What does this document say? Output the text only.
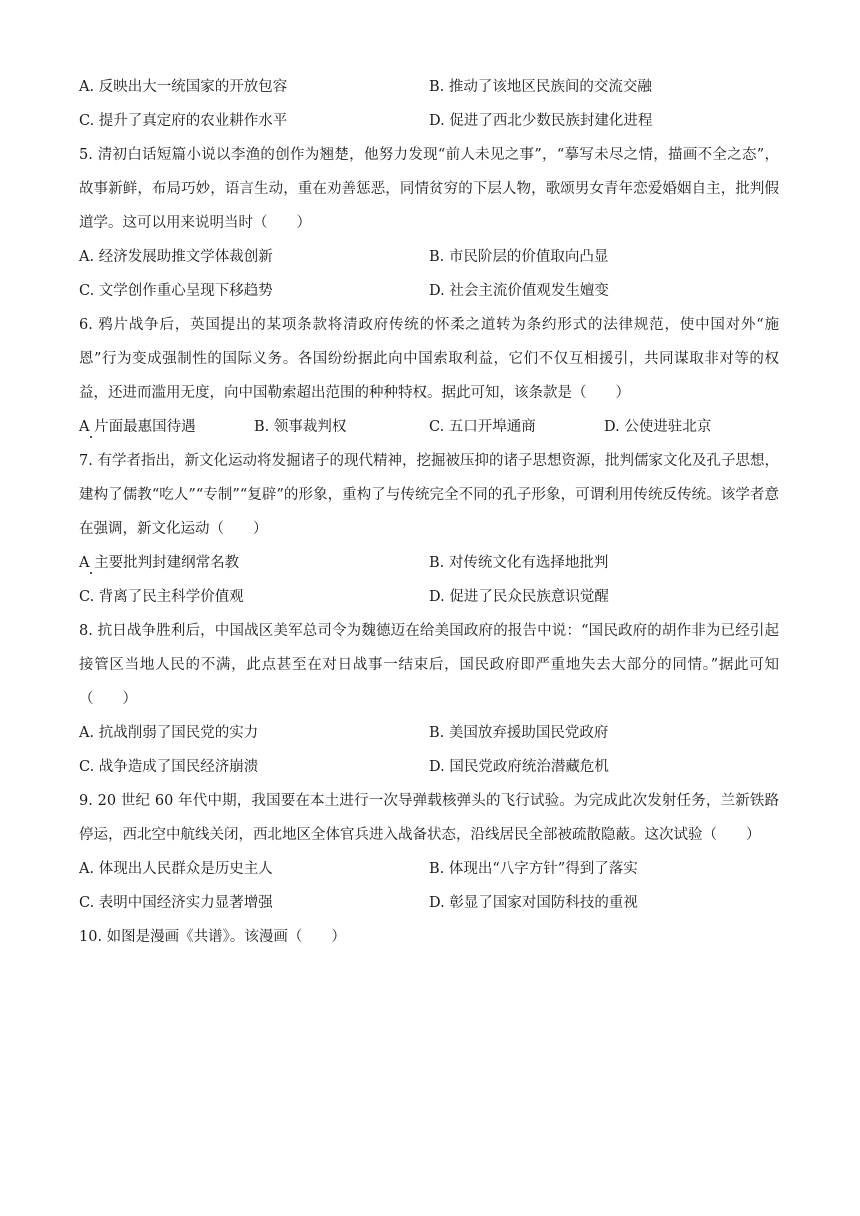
A. 反映出大一统国家的开放包容	B. 推动了该地区民族间的交流交融
C. 提升了真定府的农业耕作水平	D. 促进了西北少数民族封建化进程
5. 清初白话短篇小说以李渔的创作为翘楚，他努力发现“前人未见之事”，“摹写未尽之情，描画不全之态”，故事新鲜，布局巧妙，语言生动，重在劝善惩恶，同情贫穷的下层人物，歌颂男女青年恋爱婚姻自主，批判假道学。这可以用来说明当时（　　）
A. 经济发展助推文学体裁创新	B. 市民阶层的价值取向凸显
C. 文学创作重心呈现下移趋势	D. 社会主流价值观发生嬗变
6. 鸦片战争后，英国提出的某项条款将清政府传统的怀柔之道转为条约形式的法律规范，使中国对外“施恩”行为变成强制性的国际义务。各国纷纷据此向中国索取利益，它们不仅互相援引，共同谋取非对等的权益，还进而滥用无度，向中国勒索超出范围的种种特权。据此可知，该条款是（　　）
A 片面最惠国待遇	B. 领事裁判权	C. 五口开埠通商	D. 公使进驻北京
7. 有学者指出，新文化运动将发掘诸子的现代精神，挖掘被压抑的诸子思想资源，批判儒家文化及孔子思想，建构了儒教“吃人”“专制”“复辟”的形象，重构了与传统完全不同的孔子形象，可谓利用传统反传统。该学者意在强调，新文化运动（　　）
A 主要批判封建纲常名教	B. 对传统文化有选择地批判
C. 背离了民主科学价值观	D. 促进了民众民族意识觉醒
8. 抗日战争胜利后，中国战区美军总司令为魏德迈在给美国政府的报告中说：“国民政府的胡作非为已经引起接管区当地人民的不满，此点甚至在对日战事一结束后，国民政府即严重地失去大部分的同情。”据此可知（　　）
A. 抗战削弱了国民党的实力	B. 美国放弃援助国民党政府
C. 战争造成了国民经济崩溃	D. 国民党政府统治潜藏危机
9. 20 世纪 60 年代中期，我国要在本土进行一次导弹载核弹头的飞行试验。为完成此次发射任务，兰新铁路停运，西北空中航线关闭，西北地区全体官兵进入战备状态，沿线居民全部被疏散隐蔽。这次试验（　　）
A. 体现出人民群众是历史主人	B. 体现出“八字方针”得到了落实
C. 表明中国经济实力显著增强	D. 彰显了国家对国防科技的重视
10. 如图是漫画《共谱》。该漫画（　　）
